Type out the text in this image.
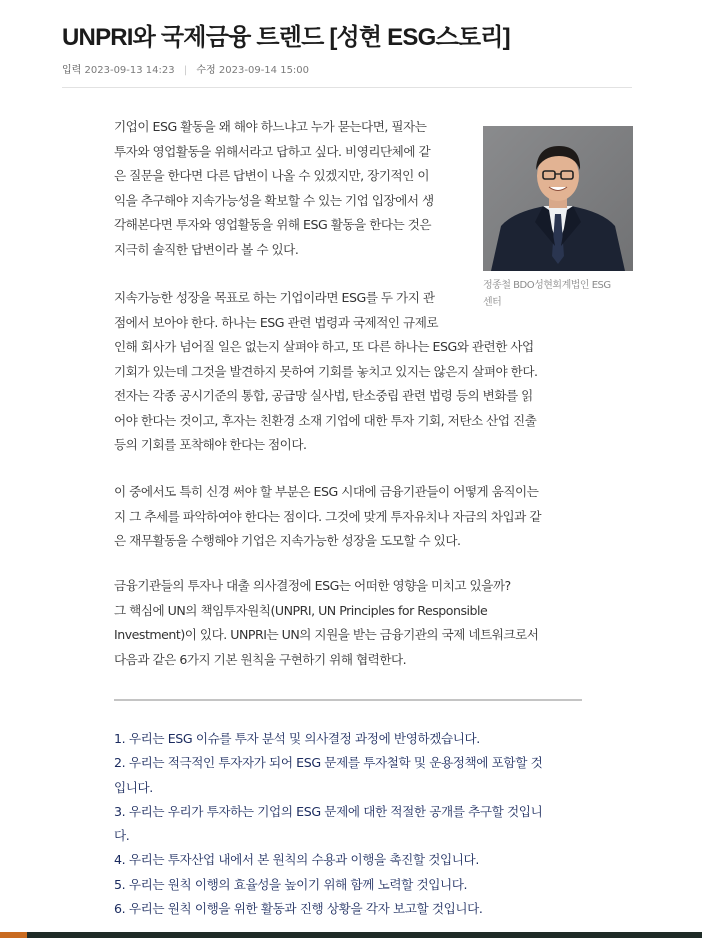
UNPRI와 국제금융 트렌드 [성현 ESG스토리]
입력 2023-09-13 14:23 | 수정 2023-09-14 15:00
정종철 BDO성현회계법인 ESG
센터

기업이 ESG 활동을 왜 해야 하느냐고 누가 묻는다면, 필자는
투자와 영업활동을 위해서라고 답하고 싶다. 비영리단체에 같
은 질문을 한다면 다른 답변이 나올 수 있겠지만, 장기적인 이
익을 추구해야 지속가능성을 확보할 수 있는 기업 입장에서 생
각해본다면 투자와 영업활동을 위해 ESG 활동을 한다는 것은
지극히 솔직한 답변이라 볼 수 있다.

지속가능한 성장을 목표로 하는 기업이라면 ESG를 두 가지 관
점에서 보아야 한다. 하나는 ESG 관련 법령과 국제적인 규제로
인해 회사가 넘어질 일은 없는지 살펴야 하고, 또 다른 하나는 ESG와 관련한 사업
기회가 있는데 그것을 발견하지 못하여 기회를 놓치고 있지는 않은지 살펴야 한다.
전자는 각종 공시기준의 통합, 공급망 실사법, 탄소중립 관련 법령 등의 변화를 읽
어야 한다는 것이고, 후자는 친환경 소재 기업에 대한 투자 기회, 저탄소 산업 진출
등의 기회를 포착해야 한다는 점이다.

이 중에서도 특히 신경 써야 할 부분은 ESG 시대에 금융기관들이 어떻게 움직이는
지 그 추세를 파악하여야 한다는 점이다. 그것에 맞게 투자유치나 자금의 차입과 같
은 재무활동을 수행해야 기업은 지속가능한 성장을 도모할 수 있다.

금융기관들의 투자나 대출 의사결정에 ESG는 어떠한 영향을 미치고 있을까?
그 핵심에 UN의 책임투자원칙(UNPRI, UN Principles for Responsible
Investment)이 있다. UNPRI는 UN의 지원을 받는 금융기관의 국제 네트워크로서
다음과 같은 6가지 기본 원칙을 구현하기 위해 협력한다.

1. 우리는 ESG 이슈를 투자 분석 및 의사결정 과정에 반영하겠습니다.
2. 우리는 적극적인 투자자가 되어 ESG 문제를 투자철학 및 운용정책에 포함할 것
입니다.
3. 우리는 우리가 투자하는 기업의 ESG 문제에 대한 적절한 공개를 추구할 것입니
다.
4. 우리는 투자산업 내에서 본 원칙의 수용과 이행을 촉진할 것입니다.
5. 우리는 원칙 이행의 효율성을 높이기 위해 함께 노력할 것입니다.
6. 우리는 원칙 이행을 위한 활동과 진행 상황을 각자 보고할 것입니다.
